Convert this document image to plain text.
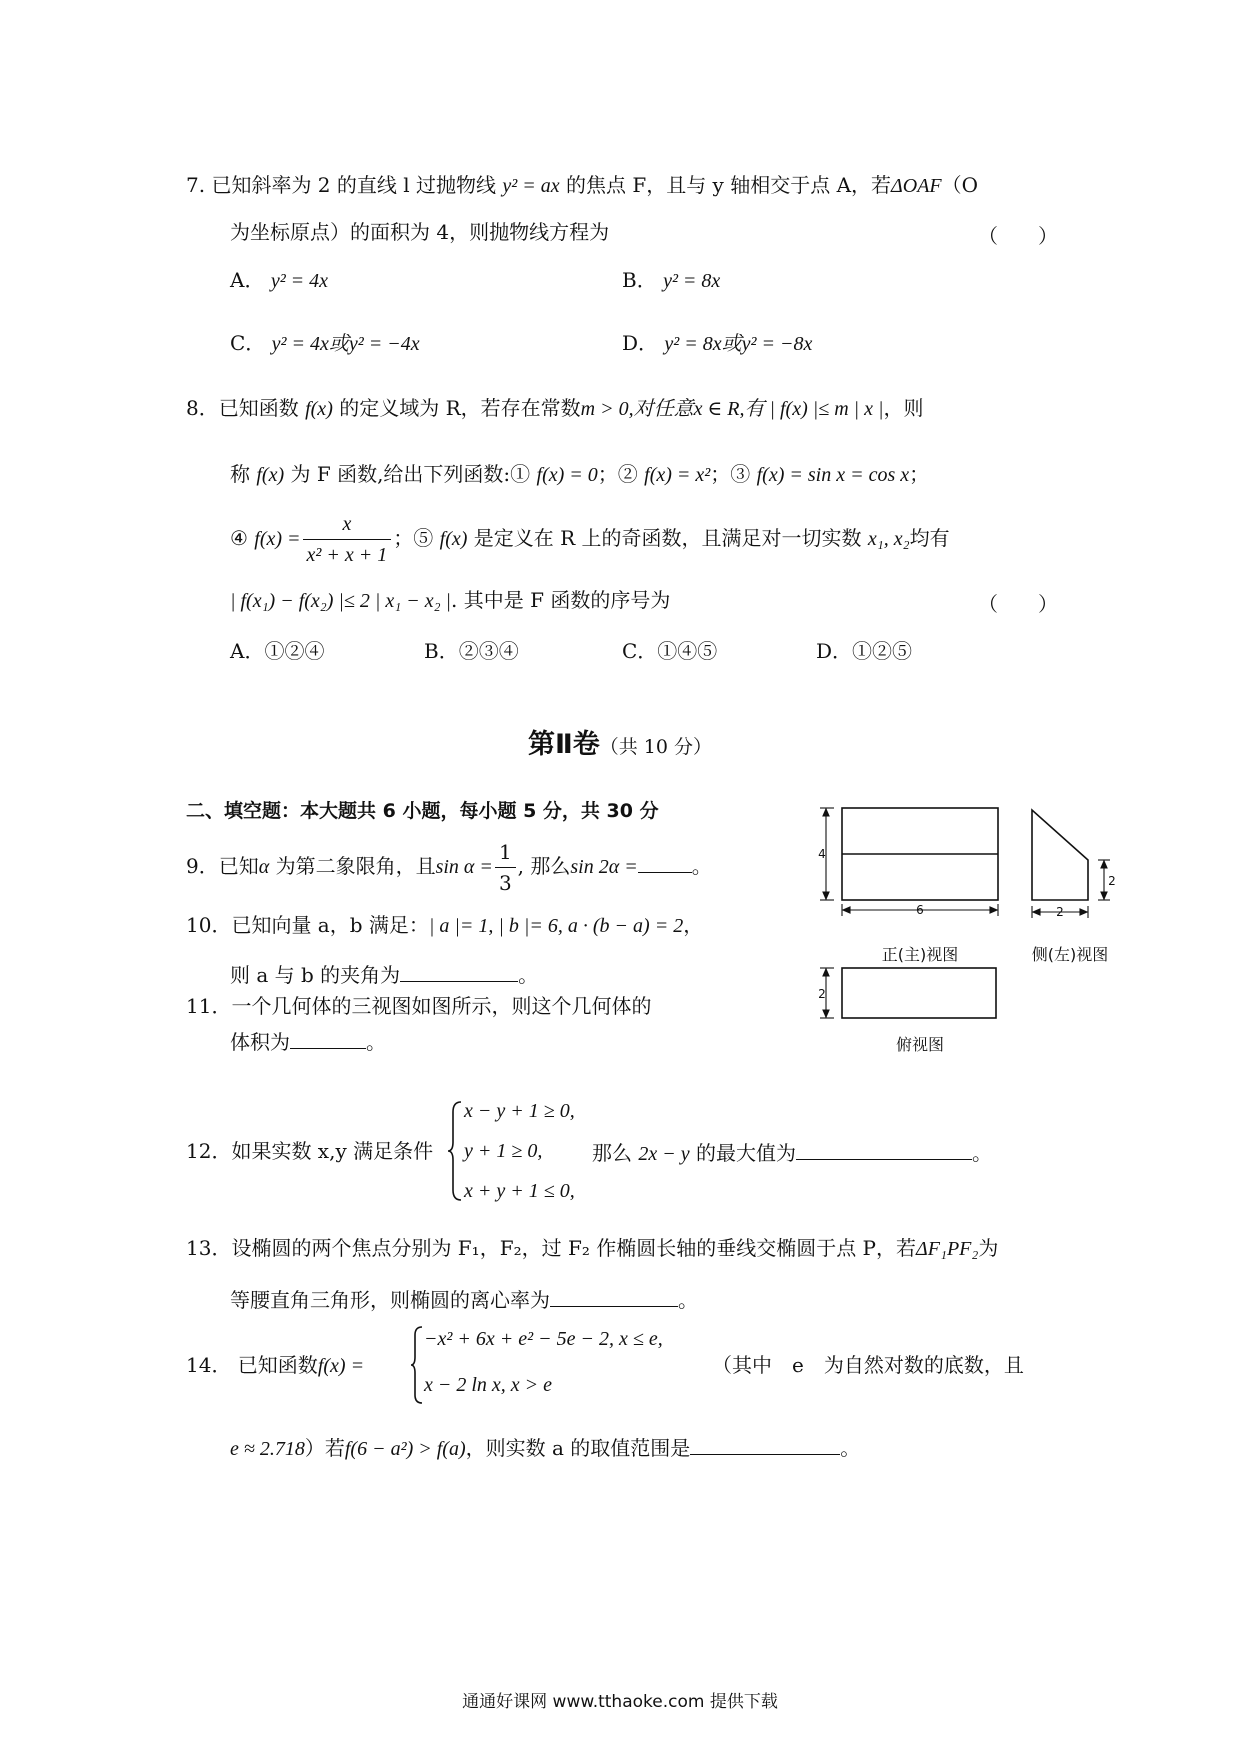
7. 已知斜率为 2 的直线 l 过抛物线 y² = ax 的焦点 F，且与 y 轴相交于点 A，若ΔOAF（O
为坐标原点）的面积为 4，则抛物线方程为	（　　）
A． y² = 4x	B． y² = 8x
C． y² = 4x或y² = −4x	D． y² = 8x或y² = −8x
8．已知函数 f(x) 的定义域为 R，若存在常数m > 0,对任意x ∈ R,有 | f(x) |≤ m | x |，则
称 f(x) 为 F 函数,给出下列函数:① f(x) = 0；② f(x) = x²；③ f(x) = sin x = cos x；
④ $f(x) = \frac{x}{\text{x² + x + 1}}$ ；⑤ f(x) 是定义在 R 上的奇函数，且满足对一切实数 x₁, x₂均有
| f(x₁) − f(x₂) |≤ 2 | x₁ − x₂ |. 其中是 F 函数的序号为	（　　）
A．①②④	B．②③④	C．①④⑤	D．①②⑤
第Ⅱ卷（共 10 分）
二、填空题：本大题共 6 小题，每小题 5 分，共 30 分
9．已知α 为第二象限角，且$\sin \alpha = \frac{1}{3}$ , 那么sin 2α =	。
10．已知向量 a，b 满足：| a |= 1, | b |= 6, a · (b − a) = 2，
则 a 与 b 的夹角为	。
11．一个几何体的三视图如图所示，则这个几何体的
体积为	。
4
6
2
2
2
正(主)视图	侧(左)视图
俯视图
12．如果实数 x,y 满足条件
x − y + 1 ≥ 0,
y + 1 ≥ 0,
x + y + 1 ≤ 0,
那么 2x − y 的最大值为	。
13．设椭圆的两个焦点分别为 F₁，F₂，过 F₂ 作椭圆长轴的垂线交椭圆于点 P，若ΔF₁PF₂为
等腰直角三角形，则椭圆的离心率为	。
14． 已知函数f(x) =
−x² + 6x + e² − 5e − 2, x ≤ e,
x − 2 ln x, x > e
（其中　e　为自然对数的底数，且
e ≈ 2.718）若f(6 − a²) > f(a)，则实数 a 的取值范围是	。
通通好课网 www.tthaoke.com 提供下载
